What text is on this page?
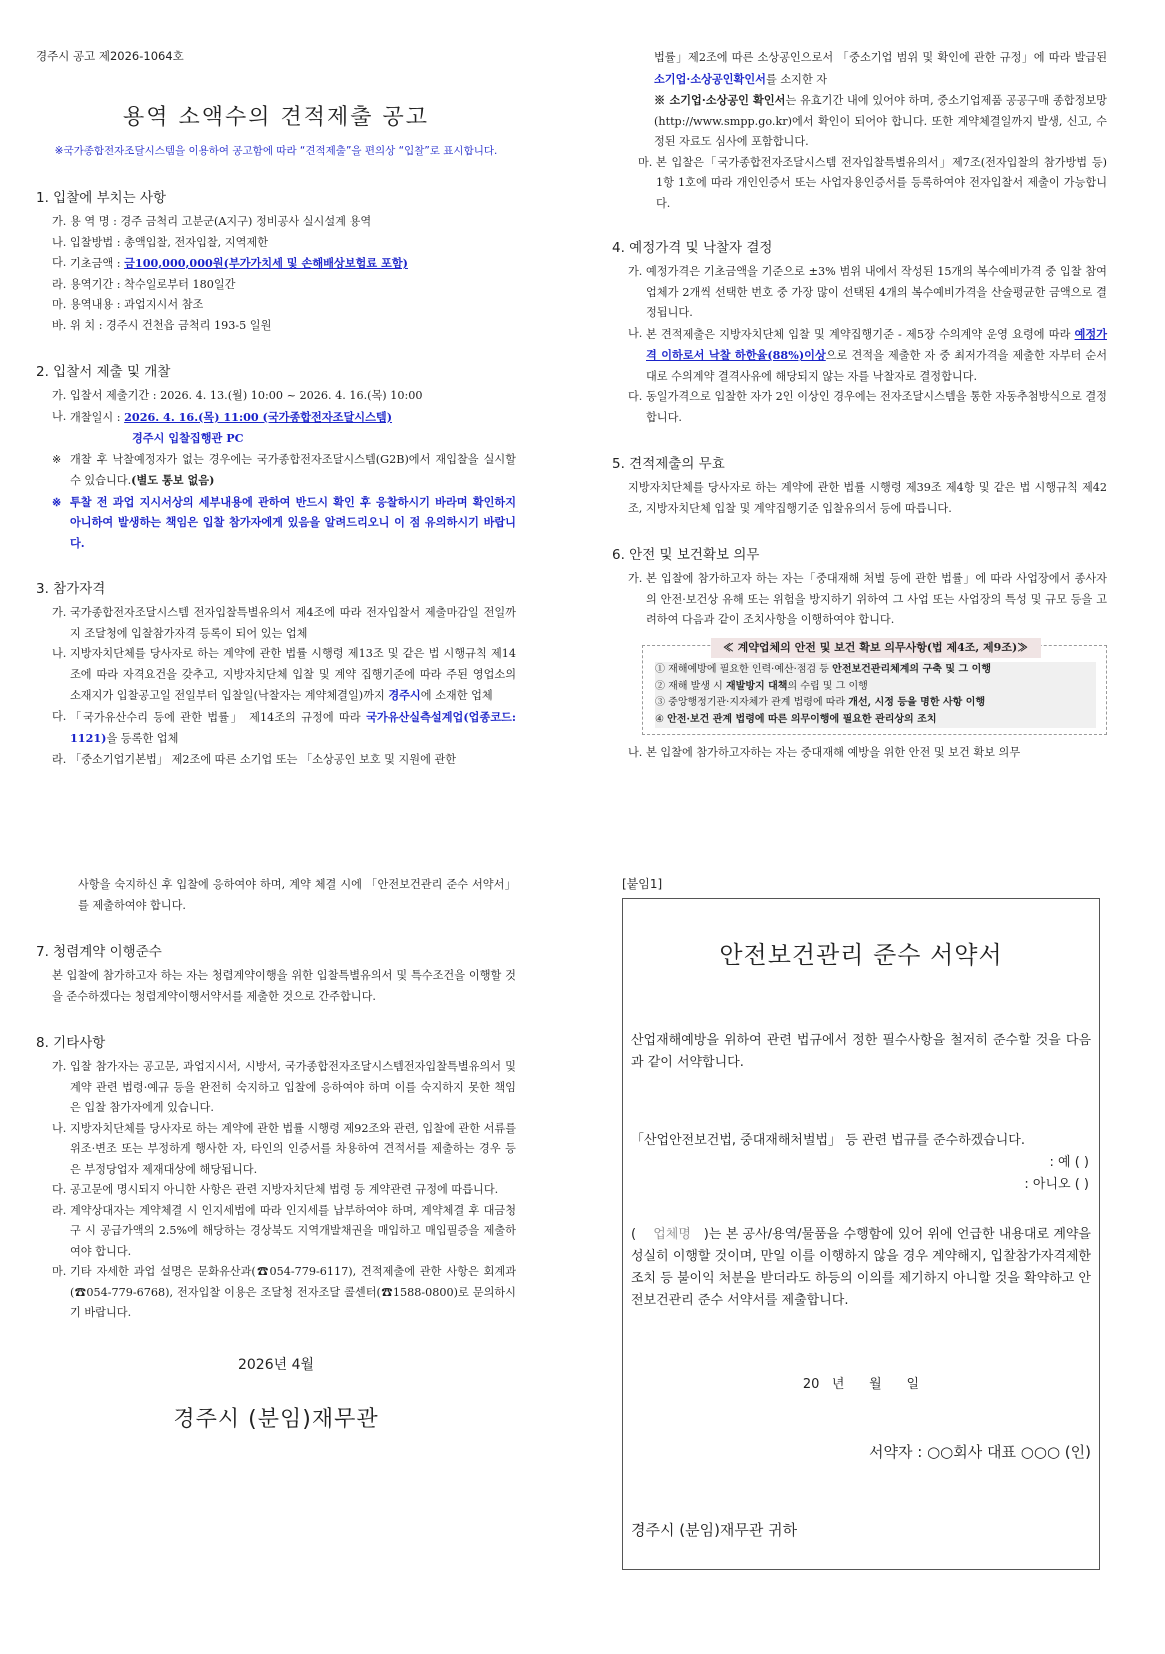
경주시 공고 제2026-1064호
용역 소액수의 견적제출 공고
※국가종합전자조달시스템을 이용하여 공고함에 따라 “견적제출”을 편의상 “입찰”로 표시합니다.
1. 입찰에 부치는 사항
가. 용 역 명 : 경주 금척리 고분군(A지구) 정비공사 실시설계 용역
나. 입찰방법 : 총액입찰, 전자입찰, 지역제한
다. 기초금액 : 금100,000,000원(부가가치세 및 손해배상보험료 포함)
라. 용역기간 : 착수일로부터 180일간
마. 용역내용 : 과업지시서 참조
바. 위 치 : 경주시 건천읍 금척리 193-5 일원
2. 입찰서 제출 및 개찰
가. 입찰서 제출기간 : 2026. 4. 13.(월) 10:00 ~ 2026. 4. 16.(목) 10:00
나. 개찰일시 : 2026. 4. 16.(목) 11:00 (국가종합전자조달시스템)
경주시 입찰집행관 PC
※ 개찰 후 낙찰예정자가 없는 경우에는 국가종합전자조달시스템(G2B)에서 재입찰을 실시할 수 있습니다.(별도 통보 없음)
※ 투찰 전 과업 지시서상의 세부내용에 관하여 반드시 확인 후 응찰하시기 바라며 확인하지 아니하여 발생하는 책임은 입찰 참가자에게 있음을 알려드리오니 이 점 유의하시기 바랍니다.
3. 참가자격
가. 국가종합전자조달시스템 전자입찰특별유의서 제4조에 따라 전자입찰서 제출마감일 전일까지 조달청에 입찰참가자격 등록이 되어 있는 업체
나. 지방자치단체를 당사자로 하는 계약에 관한 법률 시행령 제13조 및 같은 법 시행규칙 제14조에 따라 자격요건을 갖추고, 지방자치단체 입찰 및 계약 집행기준에 따라 주된 영업소의 소재지가 입찰공고일 전일부터 입찰일(낙찰자는 계약체결일)까지 경주시에 소재한 업체
다. 「국가유산수리 등에 관한 법률」 제14조의 규정에 따라 국가유산실측설계업(업종코드: 1121)을 등록한 업체
라. 「중소기업기본법」 제2조에 따른 소기업 또는 「소상공인 보호 및 지원에 관한
법률」제2조에 따른 소상공인으로서 「중소기업 범위 및 확인에 관한 규정」에 따라 발급된 소기업·소상공인확인서를 소지한 자
※ 소기업·소상공인 확인서는 유효기간 내에 있어야 하며, 중소기업제품 공공구매 종합정보망(http://www.smpp.go.kr)에서 확인이 되어야 합니다. 또한 계약체결일까지 발생, 신고, 수정된 자료도 심사에 포함합니다.
마. 본 입찰은「국가종합전자조달시스템 전자입찰특별유의서」제7조(전자입찰의 참가방법 등) 1항 1호에 따라 개인인증서 또는 사업자용인증서를 등록하여야 전자입찰서 제출이 가능합니다.
4. 예정가격 및 낙찰자 결정
가. 예정가격은 기초금액을 기준으로 ±3% 범위 내에서 작성된 15개의 복수예비가격 중 입찰 참여 업체가 2개씩 선택한 번호 중 가장 많이 선택된 4개의 복수예비가격을 산술평균한 금액으로 결정됩니다.
나. 본 견적제출은 지방자치단체 입찰 및 계약집행기준 - 제5장 수의계약 운영 요령에 따라 예정가격 이하로서 낙찰 하한율(88%)이상으로 견적을 제출한 자 중 최저가격을 제출한 자부터 순서대로 수의계약 결격사유에 해당되지 않는 자를 낙찰자로 결정합니다.
다. 동일가격으로 입찰한 자가 2인 이상인 경우에는 전자조달시스템을 통한 자동추첨방식으로 결정합니다.
5. 견적제출의 무효
지방자치단체를 당사자로 하는 계약에 관한 법률 시행령 제39조 제4항 및 같은 법 시행규칙 제42조, 지방자치단체 입찰 및 계약집행기준 입찰유의서 등에 따릅니다.
6. 안전 및 보건확보 의무
가. 본 입찰에 참가하고자 하는 자는「중대재해 처벌 등에 관한 법률」에 따라 사업장에서 종사자의 안전·보건상 유해 또는 위험을 방지하기 위하여 그 사업 또는 사업장의 특성 및 규모 등을 고려하여 다음과 같이 조치사항을 이행하여야 합니다.
≪ 계약업체의 안전 및 보건 확보 의무사항(법 제4조, 제9조)≫
① 재해예방에 필요한 인력·예산·점검 등 안전보건관리체계의 구축 및 그 이행
② 재해 발생 시 재발방지 대책의 수립 및 그 이행
③ 중앙행정기관·지자체가 관계 법령에 따라 개선, 시정 등을 명한 사항 이행
④ 안전·보건 관계 법령에 따른 의무이행에 필요한 관리상의 조치
나. 본 입찰에 참가하고자하는 자는 중대재해 예방을 위한 안전 및 보건 확보 의무
사항을 숙지하신 후 입찰에 응하여야 하며, 계약 체결 시에 「안전보건관리 준수 서약서」를 제출하여야 합니다.
7. 청렴계약 이행준수
본 입찰에 참가하고자 하는 자는 청렴계약이행을 위한 입찰특별유의서 및 특수조건을 이행할 것을 준수하겠다는 청렴계약이행서약서를 제출한 것으로 간주합니다.
8. 기타사항
가. 입찰 참가자는 공고문, 과업지시서, 시방서, 국가종합전자조달시스템전자입찰특별유의서 및 계약 관련 법령·예규 등을 완전히 숙지하고 입찰에 응하여야 하며 이를 숙지하지 못한 책임은 입찰 참가자에게 있습니다.
나. 지방자치단체를 당사자로 하는 계약에 관한 법률 시행령 제92조와 관련, 입찰에 관한 서류를 위조·변조 또는 부정하게 행사한 자, 타인의 인증서를 차용하여 견적서를 제출하는 경우 등은 부정당업자 제재대상에 해당됩니다.
다. 공고문에 명시되지 아니한 사항은 관련 지방자치단체 법령 등 계약관련 규정에 따릅니다.
라. 계약상대자는 계약체결 시 인지세법에 따라 인지세를 납부하여야 하며, 계약체결 후 대금청구 시 공급가액의 2.5%에 해당하는 경상북도 지역개발채권을 매입하고 매입필증을 제출하여야 합니다.
마. 기타 자세한 과업 설명은 문화유산과(☎054-779-6117), 견적제출에 관한 사항은 회계과(☎054-779-6768), 전자입찰 이용은 조달청 전자조달 콜센터(☎1588-0800)로 문의하시기 바랍니다.
2026년 4월
경주시 (분임)재무관
[붙임1]
안전보건관리 준수 서약서

산업재해예방을 위하여 관련 법규에서 정한 필수사항을 철저히 준수할 것을 다음과 같이 서약합니다.

「산업안전보건법, 중대재해처벌법」 등 관련 법규를 준수하겠습니다.

: 예 ( )
: 아니오 ( )

( 업체명 )는 본 공사/용역/물품을 수행함에 있어 위에 언급한 내용대로 계약을 성실히 이행할 것이며, 만일 이를 이행하지 않을 경우 계약해지, 입찰참가자격제한조치 등 불이익 처분을 받더라도 하등의 이의를 제기하지 아니할 것을 확약하고 안전보건관리 준수 서약서를 제출합니다.

20   년      월      일
서약자 : ○○회사 대표 ○○○ (인)
경주시 (분임)재무관 귀하
